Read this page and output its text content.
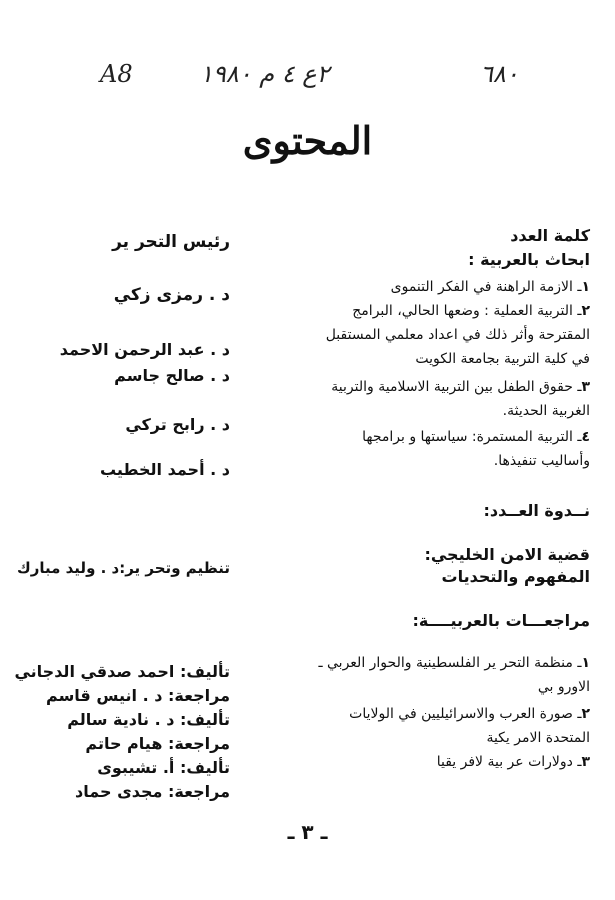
A8	٢ع ٤ م ١٩٨٠	٦٨٠
المحتوى
كلمة العدد
ابحاث بالعربية :
١ـ الازمة الراهنة في الفكر التنموى
٢ـ التربية العملية : وضعها الحالي، البرامج المقترحة وأثر ذلك في اعداد معلمي المستقبل في كلية التربية بجامعة الكويت
٣ـ حقوق الطفل بين التربية الاسلامية والتربية الغربية الحديثة.
٤ـ التربية المستمرة: سياستها و برامجها وأساليب تنفيذها.
نــدوة العــدد:
قضية الامن الخليجي:
المفهوم والتحديات
مراجعـــات بالعربيــــة:
١ـ منظمة التحر ير الفلسطينية والحوار العربي ـ الاورو بي
٢ـ صورة العرب والاسرائيليين في الولايات المتحدة الامر يكية
٣ـ دولارات عر بية لافر يقيا
رئيس التحر ير
د . رمزى زكي
د . عبد الرحمن الاحمد
د . صالح جاسم
د . رابح تركي
د . أحمد الخطيب
تنظيم وتحر ير:د . وليد مبارك
تأليف: احمد صدقي الدجاني
مراجعة: د . انيس قاسم
تأليف: د . نادية سالم
مراجعة: هيام حاتم
تأليف: أ. تشيبوى
مراجعة: مجدى حماد
ـ ٣ ـ
